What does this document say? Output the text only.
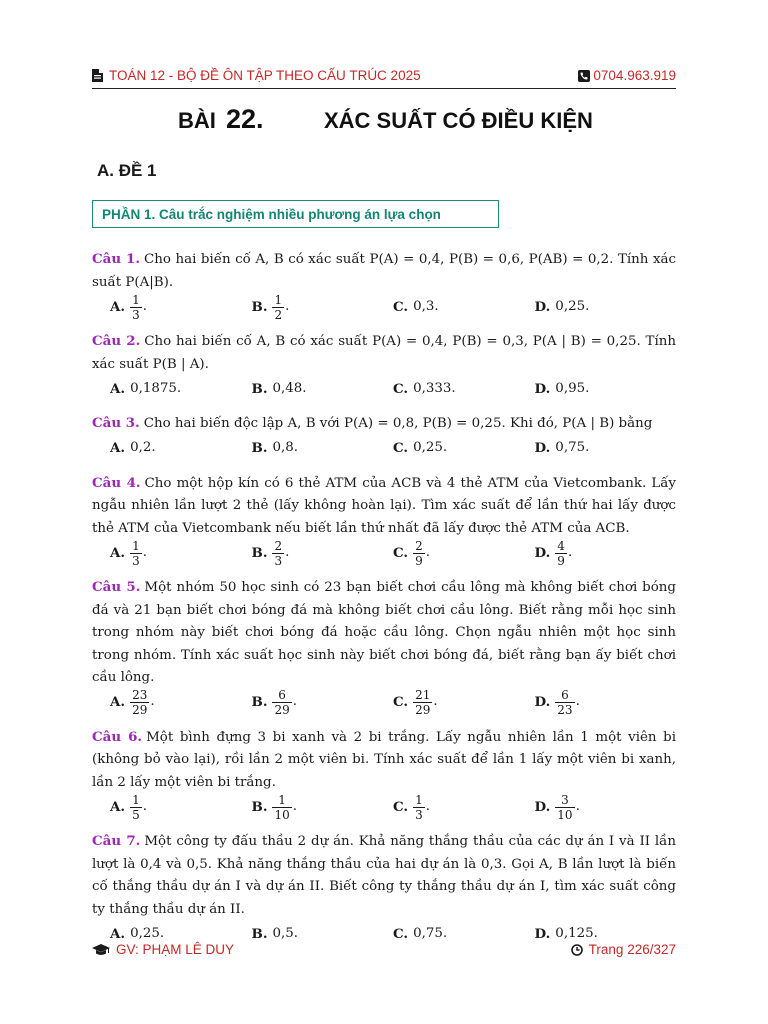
TOÁN 12 - BỘ ĐỀ ÔN TẬP THEO CẤU TRÚC 2025	0704.963.919
BÀI 22.	XÁC SUẤT CÓ ĐIỀU KIỆN
A. ĐỀ 1
PHẦN 1. Câu trắc nghiệm nhiều phương án lựa chọn
Câu 1. Cho hai biến cố A, B có xác suất P(A) = 0,4, P(B) = 0,6, P(AB) = 0,2. Tính xác suất P(A|B).
A. $\frac{1}{3}$ .	B. $\frac{1}{2}$ .	C. 0,3.	D. 0,25.
Câu 2. Cho hai biến cố A, B có xác suất P(A) = 0,4, P(B) = 0,3, P(A | B) = 0,25. Tính xác suất P(B | A).
A. 0,1875.	B. 0,48.	C. 0,333.	D. 0,95.
Câu 3. Cho hai biến độc lập A, B với P(A) = 0,8, P(B) = 0,25. Khi đó, P(A | B) bằng
A. 0,2.	B. 0,8.	C. 0,25.	D. 0,75.
Câu 4. Cho một hộp kín có 6 thẻ ATM của ACB và 4 thẻ ATM của Vietcombank. Lấy ngẫu nhiên lần lượt 2 thẻ (lấy không hoàn lại). Tìm xác suất để lần thứ hai lấy được thẻ ATM của Vietcombank nếu biết lần thứ nhất đã lấy được thẻ ATM của ACB.
A. $\frac{1}{3}$ .	B. $\frac{2}{3}$ .	C. $\frac{2}{9}$ .	D. $\frac{4}{9}$ .
Câu 5. Một nhóm 50 học sinh có 23 bạn biết chơi cầu lông mà không biết chơi bóng đá và 21 bạn biết chơi bóng đá mà không biết chơi cầu lông. Biết rằng mỗi học sinh trong nhóm này biết chơi bóng đá hoặc cầu lông. Chọn ngẫu nhiên một học sinh trong nhóm. Tính xác suất học sinh này biết chơi bóng đá, biết rằng bạn ấy biết chơi cầu lông.
A. $\frac{23}{29}$ .	B. $\frac{6}{29}$ .	C. $\frac{21}{29}$ .	D. $\frac{6}{23}$ .
Câu 6. Một bình đựng 3 bi xanh và 2 bi trắng. Lấy ngẫu nhiên lần 1 một viên bi (không bỏ vào lại), rồi lần 2 một viên bi. Tính xác suất để lần 1 lấy một viên bi xanh, lần 2 lấy một viên bi trắng.
A. $\frac{1}{5}$ .	B. $\frac{1}{10}$ .	C. $\frac{1}{3}$ .	D. $\frac{3}{10}$ .
Câu 7. Một công ty đấu thầu 2 dự án. Khả năng thắng thầu của các dự án I và II lần lượt là 0,4 và 0,5. Khả năng thắng thầu của hai dự án là 0,3. Gọi A, B lần lượt là biến cố thắng thầu dự án I và dự án II. Biết công ty thắng thầu dự án I, tìm xác suất công ty thắng thầu dự án II.
A. 0,25.	B. 0,5.	C. 0,75.	D. 0,125.
GV: PHẠM LÊ DUY	Trang 226/327
